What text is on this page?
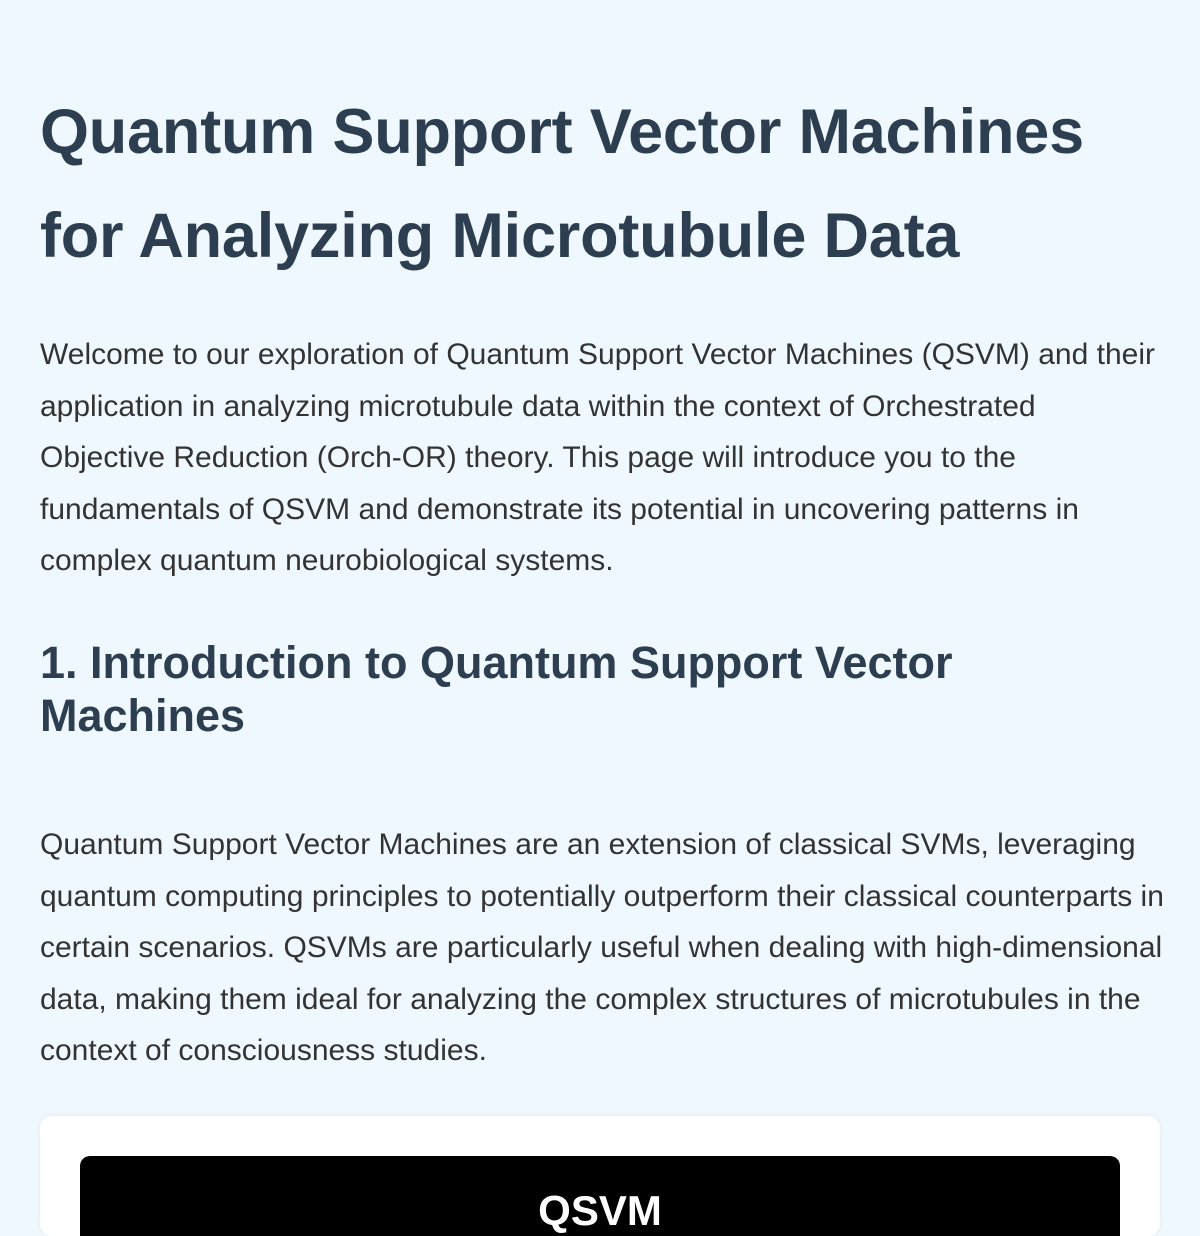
Quantum Support Vector Machines for Analyzing Microtubule Data

Welcome to our exploration of Quantum Support Vector Machines (QSVM) and their application in analyzing microtubule data within the context of Orchestrated Objective Reduction (Orch-OR) theory. This page will introduce you to the fundamentals of QSVM and demonstrate its potential in uncovering patterns in complex quantum neurobiological systems.

1. Introduction to Quantum Support Vector
Machines

Quantum Support Vector Machines are an extension of classical SVMs, leveraging quantum computing principles to potentially outperform their classical counterparts in certain scenarios. QSVMs are particularly useful when dealing with high-dimensional data, making them ideal for analyzing the complex structures of microtubules in the context of consciousness studies.

QSVM
